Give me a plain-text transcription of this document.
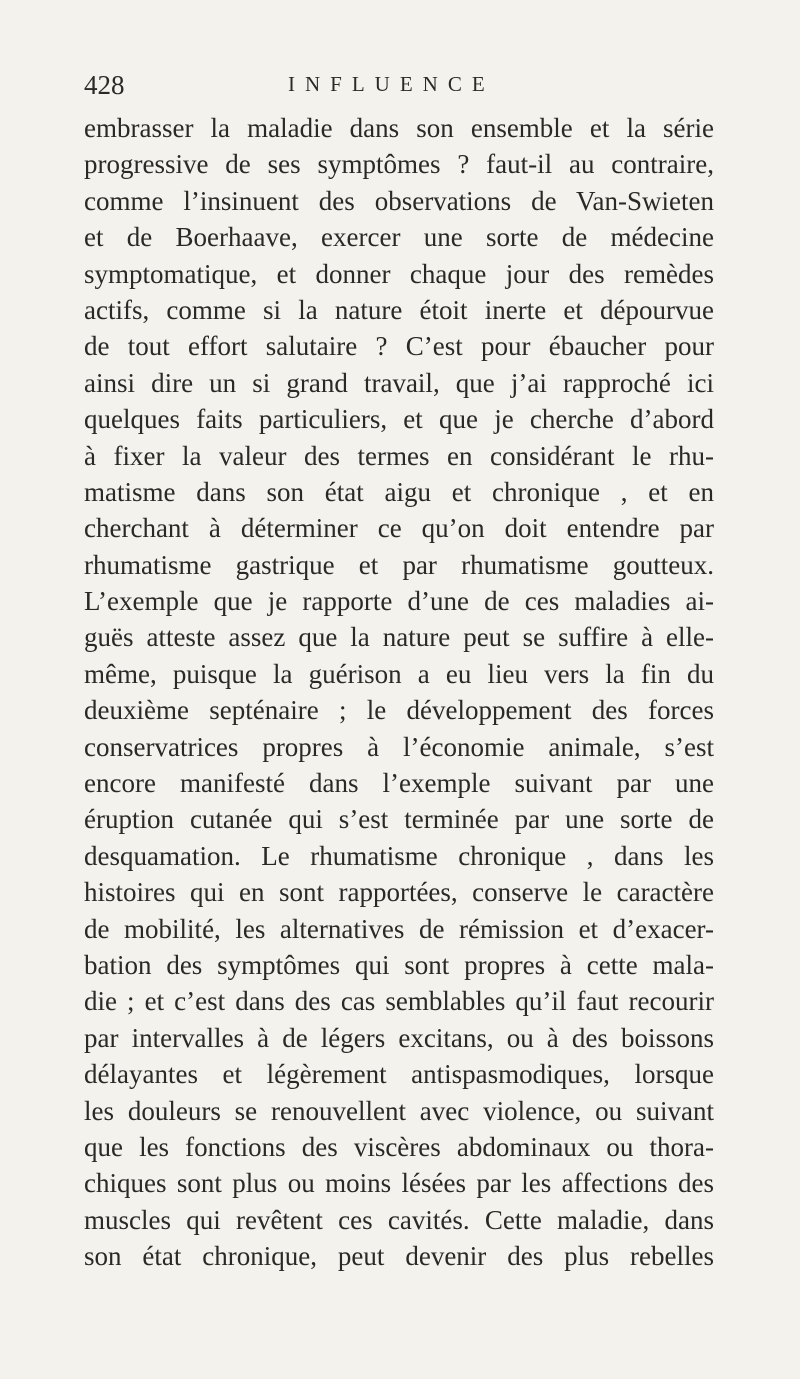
428	INFLUENCE
embrasser la maladie dans son ensemble et la série
progressive de ses symptômes ? faut-il au contraire,
comme l’insinuent des observations de Van-Swieten
et de Boerhaave, exercer une sorte de médecine
symptomatique, et donner chaque jour des remèdes
actifs, comme si la nature étoit inerte et dépourvue
de tout effort salutaire ? C’est pour ébaucher pour
ainsi dire un si grand travail, que j’ai rapproché ici
quelques faits particuliers, et que je cherche d’abord
à fixer la valeur des termes en considérant le rhu-
matisme dans son état aigu et chronique , et en
cherchant à déterminer ce qu’on doit entendre par
rhumatisme gastrique et par rhumatisme goutteux.
L’exemple que je rapporte d’une de ces maladies ai-
guës atteste assez que la nature peut se suffire à elle-
même, puisque la guérison a eu lieu vers la fin du
deuxième septénaire ; le développement des forces
conservatrices propres à l’économie animale, s’est
encore manifesté dans l’exemple suivant par une
éruption cutanée qui s’est terminée par une sorte de
desquamation. Le rhumatisme chronique , dans les
histoires qui en sont rapportées, conserve le caractère
de mobilité, les alternatives de rémission et d’exacer-
bation des symptômes qui sont propres à cette mala-
die ; et c’est dans des cas semblables qu’il faut recourir
par intervalles à de légers excitans, ou à des boissons
délayantes et légèrement antispasmodiques, lorsque
les douleurs se renouvellent avec violence, ou suivant
que les fonctions des viscères abdominaux ou thora-
chiques sont plus ou moins lésées par les affections des
muscles qui revêtent ces cavités. Cette maladie, dans
son état chronique, peut devenir des plus rebelles
